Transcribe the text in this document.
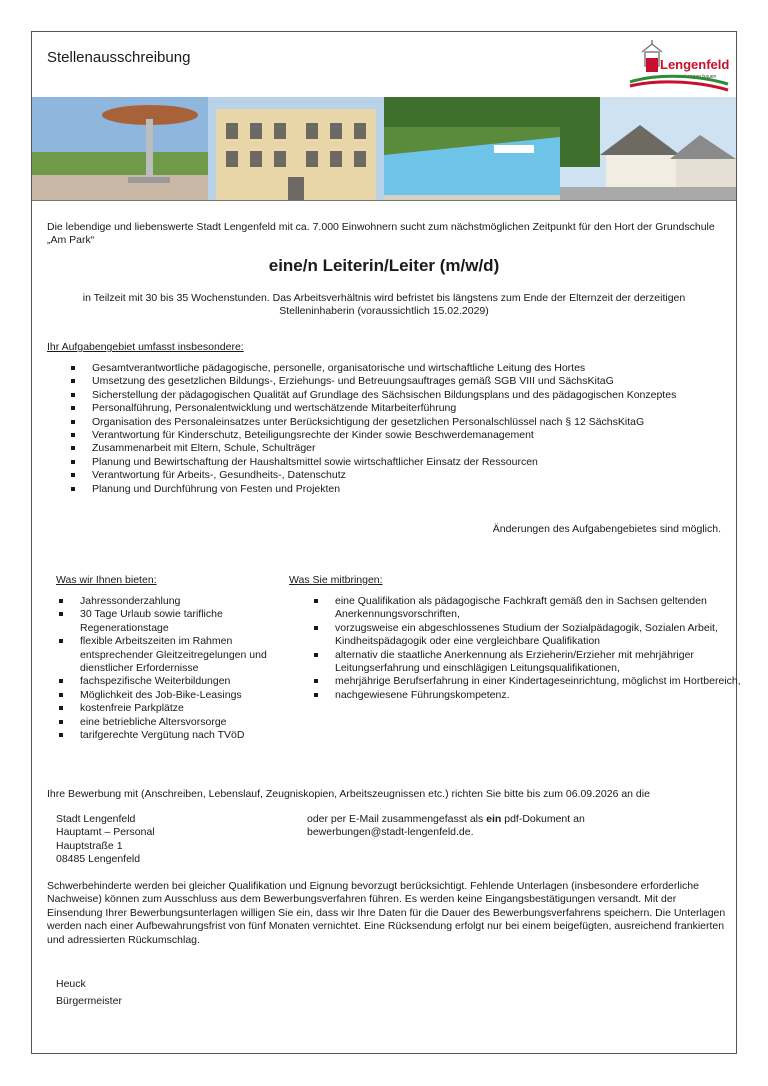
Stellenausschreibung	Lengenfeld
am Lengen bauen
Die lebendige und liebenswerte Stadt Lengenfeld mit ca. 7.000 Einwohnern sucht zum nächstmöglichen Zeitpunkt für den Hort der Grundschule „Am Park“
eine/n Leiterin/Leiter (m/w/d)
in Teilzeit mit 30 bis 35 Wochenstunden. Das Arbeitsverhältnis wird befristet bis längstens zum Ende der Elternzeit der derzeitigen Stelleninhaberin (voraussichtlich 15.02.2029)
Ihr Aufgabengebiet umfasst insbesondere:
Gesamtverantwortliche pädagogische, personelle, organisatorische und wirtschaftliche Leitung des Hortes
Umsetzung des gesetzlichen Bildungs-, Erziehungs- und Betreuungsauftrages gemäß SGB VIII und SächsKitaG
Sicherstellung der pädagogischen Qualität auf Grundlage des Sächsischen Bildungsplans und des pädagogischen Konzeptes
Personalführung, Personalentwicklung und wertschätzende Mitarbeiterführung
Organisation des Personaleinsatzes unter Berücksichtigung der gesetzlichen Personalschlüssel nach § 12 SächsKitaG
Verantwortung für Kinderschutz, Beteiligungsrechte der Kinder sowie Beschwerdemanagement
Zusammenarbeit mit Eltern, Schule, Schulträger
Planung und Bewirtschaftung der Haushaltsmittel sowie wirtschaftlicher Einsatz der Ressourcen
Verantwortung für Arbeits-, Gesundheits-, Datenschutz
Planung und Durchführung von Festen und Projekten
Änderungen des Aufgabengebietes sind möglich.
Was wir Ihnen bieten:	Was Sie mitbringen:
Jahressonderzahlung
30 Tage Urlaub sowie tarifliche Regenerationstage
flexible Arbeitszeiten im Rahmen entsprechender Gleitzeitregelungen und dienstlicher Erfordernisse
fachspezifische Weiterbildungen
Möglichkeit des Job-Bike-Leasings
kostenfreie Parkplätze
eine betriebliche Altersvorsorge
tarifgerechte Vergütung nach TVöD
eine Qualifikation als pädagogische Fachkraft gemäß den in Sachsen geltenden Anerkennungsvorschriften,
vorzugsweise ein abgeschlossenes Studium der Sozialpädagogik, Sozialen Arbeit, Kindheitspädagogik oder eine vergleichbare Qualifikation
alternativ die staatliche Anerkennung als Erzieherin/Erzieher mit mehrjähriger Leitungserfahrung und einschlägigen Leitungsqualifikationen,
mehrjährige Berufserfahrung in einer Kindertageseinrichtung, möglichst im Hortbereich,
nachgewiesene Führungskompetenz.
Ihre Bewerbung mit (Anschreiben, Lebenslauf, Zeugniskopien, Arbeitszeugnissen etc.) richten Sie bitte bis zum 06.09.2026 an die
Stadt Lengenfeld
Hauptamt – Personal
Hauptstraße 1
08485 Lengenfeld
oder per E-Mail zusammengefasst als ein pdf-Dokument an
bewerbungen@stadt-lengenfeld.de.
Schwerbehinderte werden bei gleicher Qualifikation und Eignung bevorzugt berücksichtigt. Fehlende Unterlagen (insbesondere erforderliche Nachweise) können zum Ausschluss aus dem Bewerbungsverfahren führen. Es werden keine Eingangsbestätigungen versandt. Mit der Einsendung Ihrer Bewerbungsunterlagen willigen Sie ein, dass wir Ihre Daten für die Dauer des Bewerbungsverfahrens speichern. Die Unterlagen werden nach einer Aufbewahrungsfrist von fünf Monaten vernichtet. Eine Rücksendung erfolgt nur bei einem beigefügten, ausreichend frankierten und adressierten Rückumschlag.
Heuck
Bürgermeister
